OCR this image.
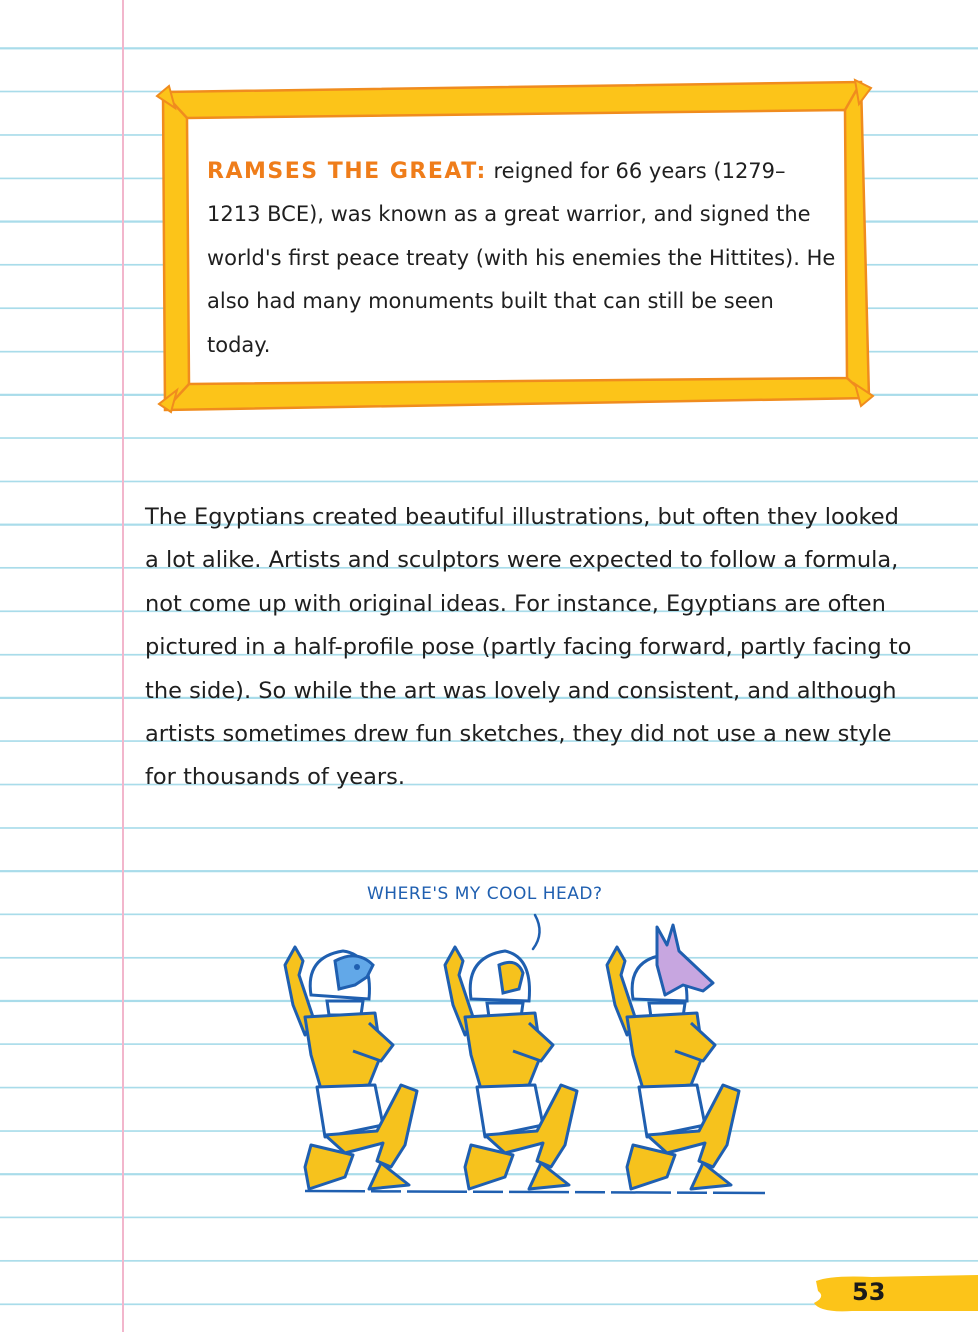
RAMSES THE GREAT: reigned for 66 years (1279–1213 BCE), was known as a great warrior, and signed the world's first peace treaty (with his enemies the Hittites). He also had many monuments built that can still be seen today.

The Egyptians created beautiful illustrations, but often they looked a lot alike. Artists and sculptors were expected to follow a formula, not come up with original ideas. For instance, Egyptians are often pictured in a half-profile pose (partly facing forward, partly facing to the side). So while the art was lovely and consistent, and although artists sometimes drew fun sketches, they did not use a new style for thousands of years.

WHERE'S MY COOL HEAD?
53
